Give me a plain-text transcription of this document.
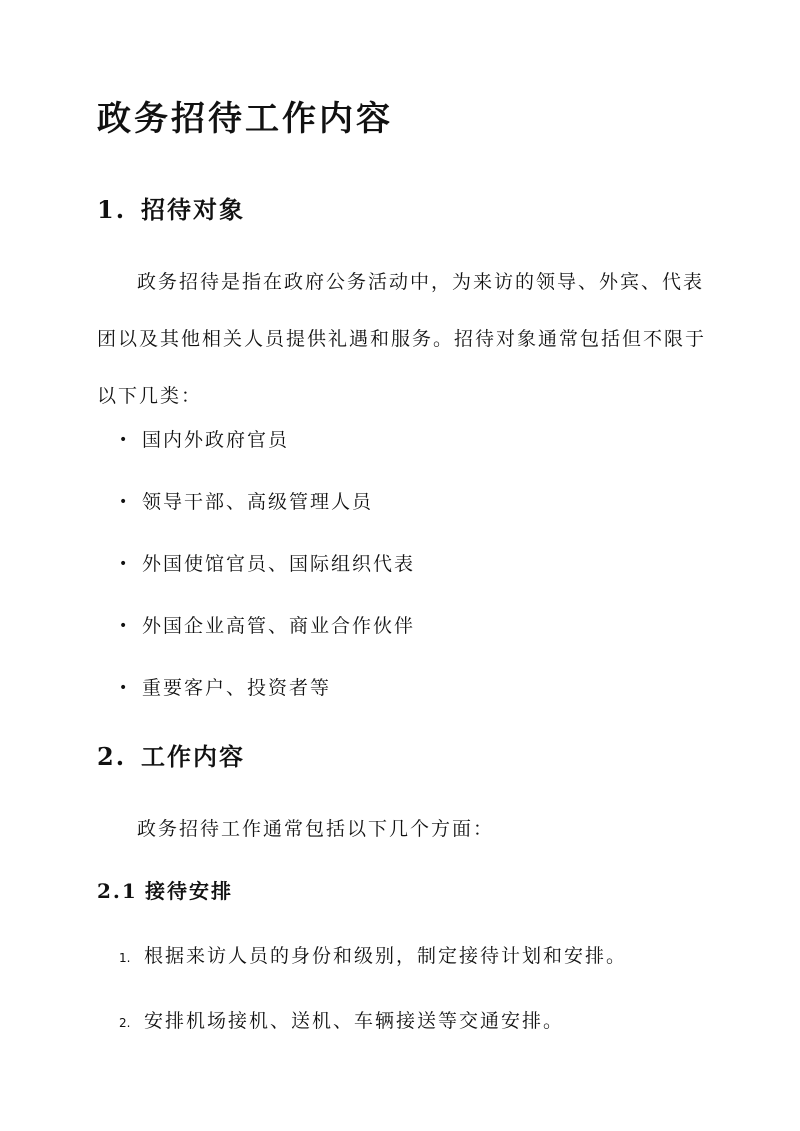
政务招待工作内容
1. 招待对象

政务招待是指在政府公务活动中，为来访的领导、外宾、代表团以及其他相关人员提供礼遇和服务。招待对象通常包括但不限于以下几类：

• 国内外政府官员
• 领导干部、高级管理人员
• 外国使馆官员、国际组织代表
• 外国企业高管、商业合作伙伴
• 重要客户、投资者等
2. 工作内容

政务招待工作通常包括以下几个方面：

2.1 接待安排
1. 根据来访人员的身份和级别，制定接待计划和安排。
2. 安排机场接机、送机、车辆接送等交通安排。
